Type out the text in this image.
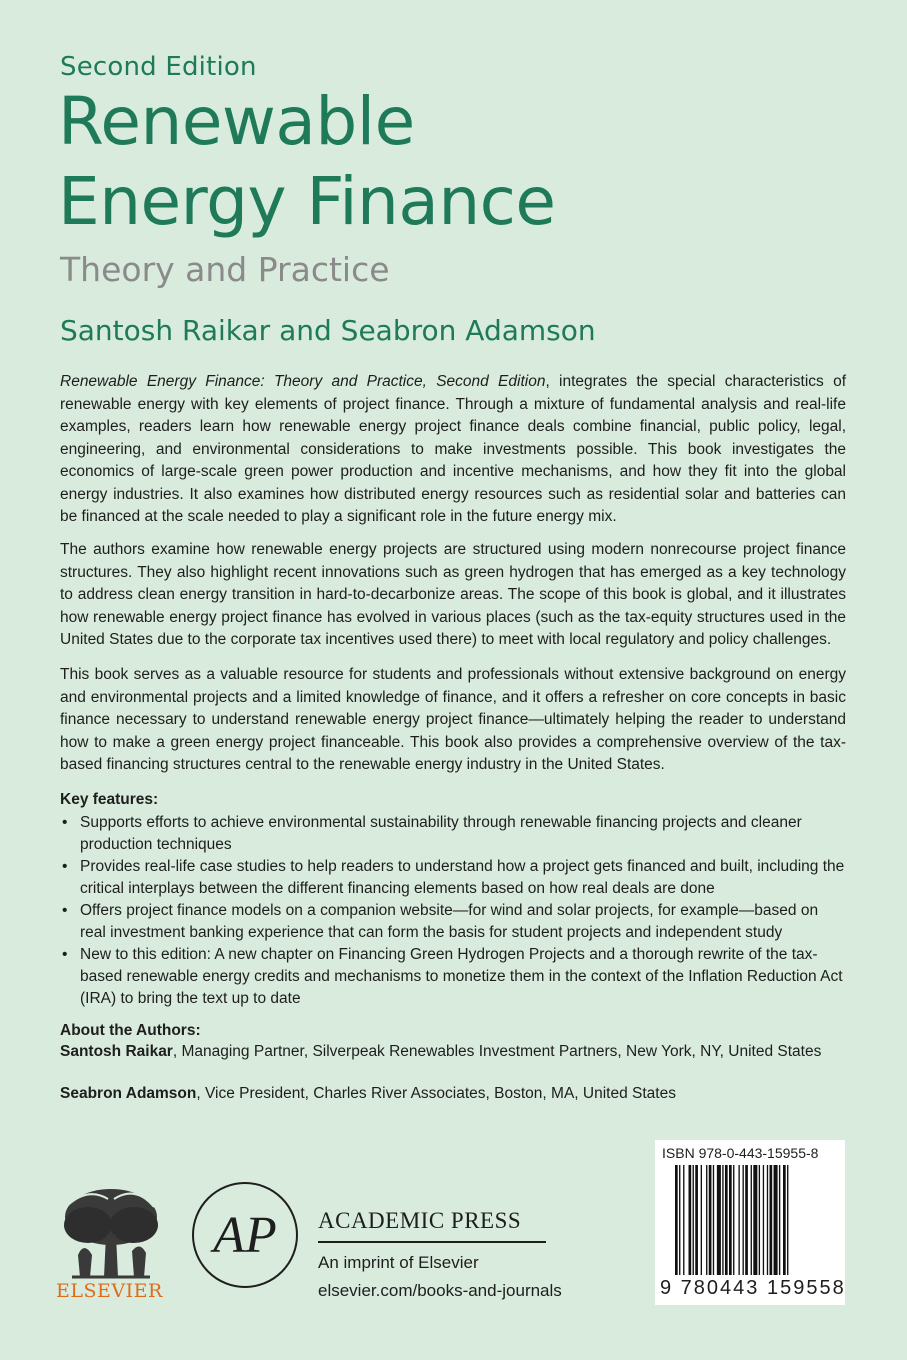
Second Edition
Renewable
Energy Finance
Theory and Practice
Santosh Raikar and Seabron Adamson
Renewable Energy Finance: Theory and Practice, Second Edition, integrates the special characteristics of renewable energy with key elements of project finance. Through a mixture of fundamental analysis and real-life examples, readers learn how renewable energy project finance deals combine financial, public policy, legal, engineering, and environmental considerations to make investments possible. This book investigates the economics of large-scale green power production and incentive mechanisms, and how they fit into the global energy industries. It also examines how distributed energy resources such as residential solar and batteries can be financed at the scale needed to play a significant role in the future energy mix.
The authors examine how renewable energy projects are structured using modern nonrecourse project finance structures. They also highlight recent innovations such as green hydrogen that has emerged as a key technology to address clean energy transition in hard-to-decarbonize areas. The scope of this book is global, and it illustrates how renewable energy project finance has evolved in various places (such as the tax-equity structures used in the United States due to the corporate tax incentives used there) to meet with local regulatory and policy challenges.
This book serves as a valuable resource for students and professionals without extensive background on energy and environmental projects and a limited knowledge of finance, and it offers a refresher on core concepts in basic finance necessary to understand renewable energy project finance—ultimately helping the reader to understand how to make a green energy project financeable. This book also provides a comprehensive overview of the tax-based financing structures central to the renewable energy industry in the United States.
Key features:
• Supports efforts to achieve environmental sustainability through renewable financing projects and cleaner production techniques
• Provides real-life case studies to help readers to understand how a project gets financed and built, including the critical interplays between the different financing elements based on how real deals are done
• Offers project finance models on a companion website—for wind and solar projects, for example—based on real investment banking experience that can form the basis for student projects and independent study
• New to this edition: A new chapter on Financing Green Hydrogen Projects and a thorough rewrite of the tax-based renewable energy credits and mechanisms to monetize them in the context of the Inflation Reduction Act (IRA) to bring the text up to date
About the Authors:
Santosh Raikar, Managing Partner, Silverpeak Renewables Investment Partners, New York, NY, United States
Seabron Adamson, Vice President, Charles River Associates, Boston, MA, United States
ISBN 978-0-443-15955-8
9 780443 159558
ELSEVIER
AP ACADEMIC PRESS
An imprint of Elsevier
elsevier.com/books-and-journals
